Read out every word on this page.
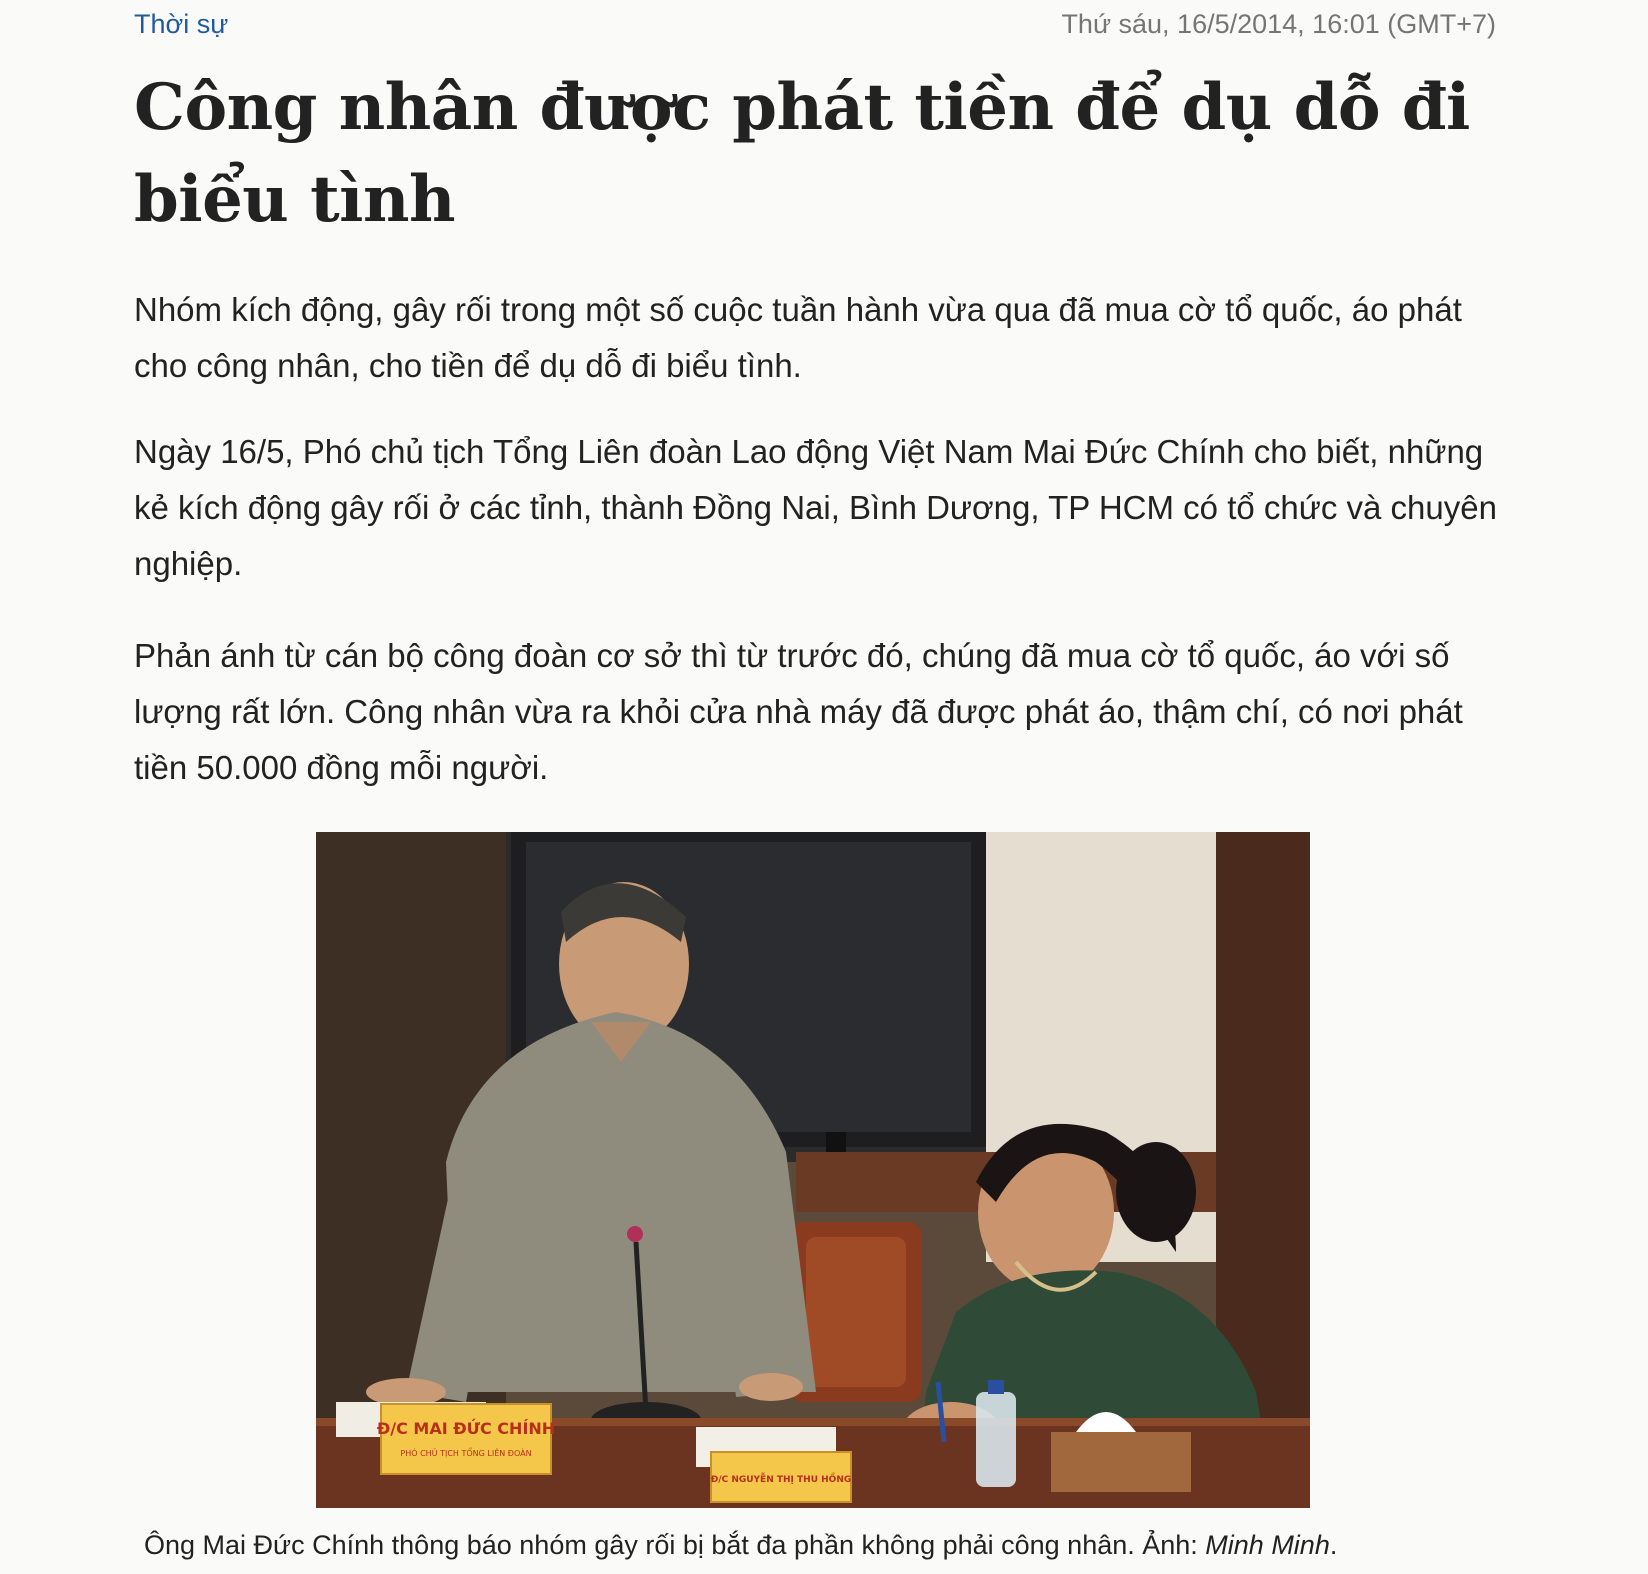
Thời sự	Thứ sáu, 16/5/2014, 16:01 (GMT+7)
Công nhân được phát tiền để dụ dỗ đi biểu tình

Nhóm kích động, gây rối trong một số cuộc tuần hành vừa qua đã mua cờ tổ quốc, áo phát cho công nhân, cho tiền để dụ dỗ đi biểu tình.

Ngày 16/5, Phó chủ tịch Tổng Liên đoàn Lao động Việt Nam Mai Đức Chính cho biết, những kẻ kích động gây rối ở các tỉnh, thành Đồng Nai, Bình Dương, TP HCM có tổ chức và chuyên nghiệp.

Phản ánh từ cán bộ công đoàn cơ sở thì từ trước đó, chúng đã mua cờ tổ quốc, áo với số lượng rất lớn. Công nhân vừa ra khỏi cửa nhà máy đã được phát áo, thậm chí, có nơi phát tiền 50.000 đồng mỗi người.

Đ/C MAI ĐỨC CHÍNH
PHÓ CHỦ TỊCH TỔNG LIÊN ĐOÀN
Đ/C NGUYỄN THỊ THU HỒNG
Ông Mai Đức Chính thông báo nhóm gây rối bị bắt đa phần không phải công nhân. Ảnh: Minh Minh.
